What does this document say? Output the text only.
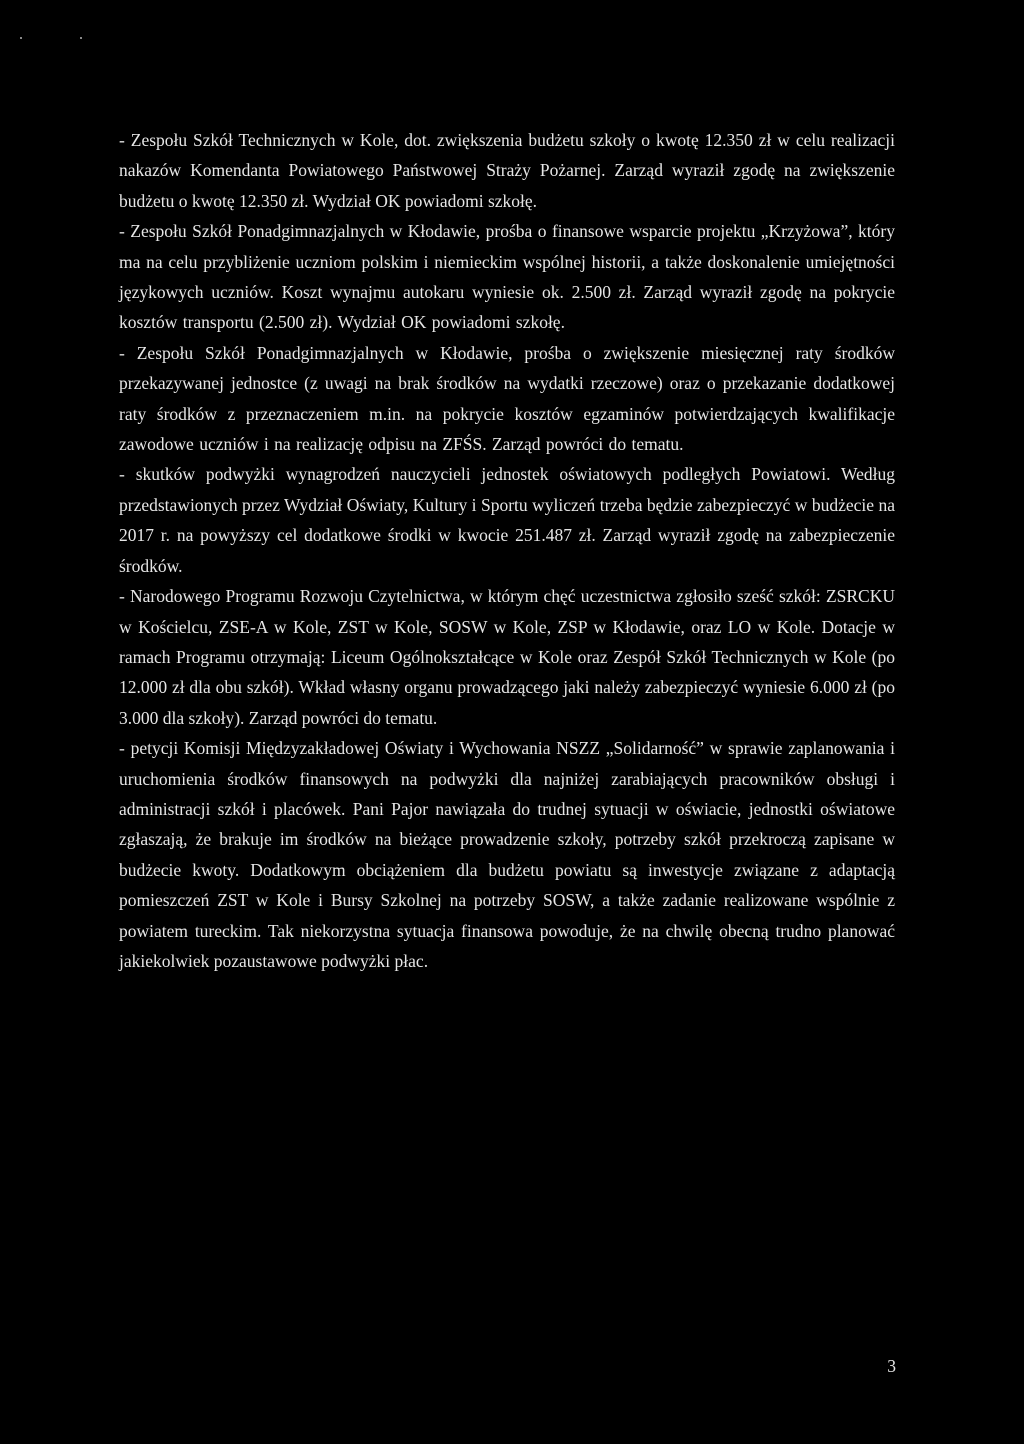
- Zespołu Szkół Technicznych w Kole, dot. zwiększenia budżetu szkoły o kwotę 12.350 zł w celu realizacji nakazów Komendanta Powiatowego Państwowej Straży Pożarnej. Zarząd wyraził zgodę na zwiększenie budżetu o kwotę 12.350 zł. Wydział OK powiadomi szkołę.

- Zespołu Szkół Ponadgimnazjalnych w Kłodawie, prośba o finansowe wsparcie projektu „Krzyżowa”, który ma na celu przybliżenie uczniom polskim i niemieckim wspólnej historii, a także doskonalenie umiejętności językowych uczniów. Koszt wynajmu autokaru wyniesie ok. 2.500 zł. Zarząd wyraził zgodę na pokrycie kosztów transportu (2.500 zł). Wydział OK powiadomi szkołę.

- Zespołu Szkół Ponadgimnazjalnych w Kłodawie, prośba o zwiększenie miesięcznej raty środków przekazywanej jednostce (z uwagi na brak środków na wydatki rzeczowe) oraz o przekazanie dodatkowej raty środków z przeznaczeniem m.in. na pokrycie kosztów egzaminów potwierdzających kwalifikacje zawodowe uczniów i na realizację odpisu na ZFŚS. Zarząd powróci do tematu.

- skutków podwyżki wynagrodzeń nauczycieli jednostek oświatowych podległych Powiatowi. Według przedstawionych przez Wydział Oświaty, Kultury i Sportu wyliczeń trzeba będzie zabezpieczyć w budżecie na 2017 r. na powyższy cel dodatkowe środki w kwocie 251.487 zł. Zarząd wyraził zgodę na zabezpieczenie środków.

- Narodowego Programu Rozwoju Czytelnictwa, w którym chęć uczestnictwa zgłosiło sześć szkół: ZSRCKU w Kościelcu, ZSE-A w Kole, ZST w Kole, SOSW w Kole, ZSP w Kłodawie, oraz LO w Kole. Dotacje w ramach Programu otrzymają: Liceum Ogólnokształcące w Kole oraz Zespół Szkół Technicznych w Kole (po 12.000 zł dla obu szkół). Wkład własny organu prowadzącego jaki należy zabezpieczyć wyniesie 6.000 zł (po 3.000 dla szkoły). Zarząd powróci do tematu.

- petycji Komisji Międzyzakładowej Oświaty i Wychowania NSZZ „Solidarność” w sprawie zaplanowania i uruchomienia środków finansowych na podwyżki dla najniżej zarabiających pracowników obsługi i administracji szkół i placówek. Pani Pajor nawiązała do trudnej sytuacji w oświacie, jednostki oświatowe zgłaszają, że brakuje im środków na bieżące prowadzenie szkoły, potrzeby szkół przekroczą zapisane w budżecie kwoty. Dodatkowym obciążeniem dla budżetu powiatu są inwestycje związane z adaptacją pomieszczeń ZST w Kole i Bursy Szkolnej na potrzeby SOSW, a także zadanie realizowane wspólnie z powiatem tureckim. Tak niekorzystna sytuacja finansowa powoduje, że na chwilę obecną trudno planować jakiekolwiek pozaustawowe podwyżki płac.

3
